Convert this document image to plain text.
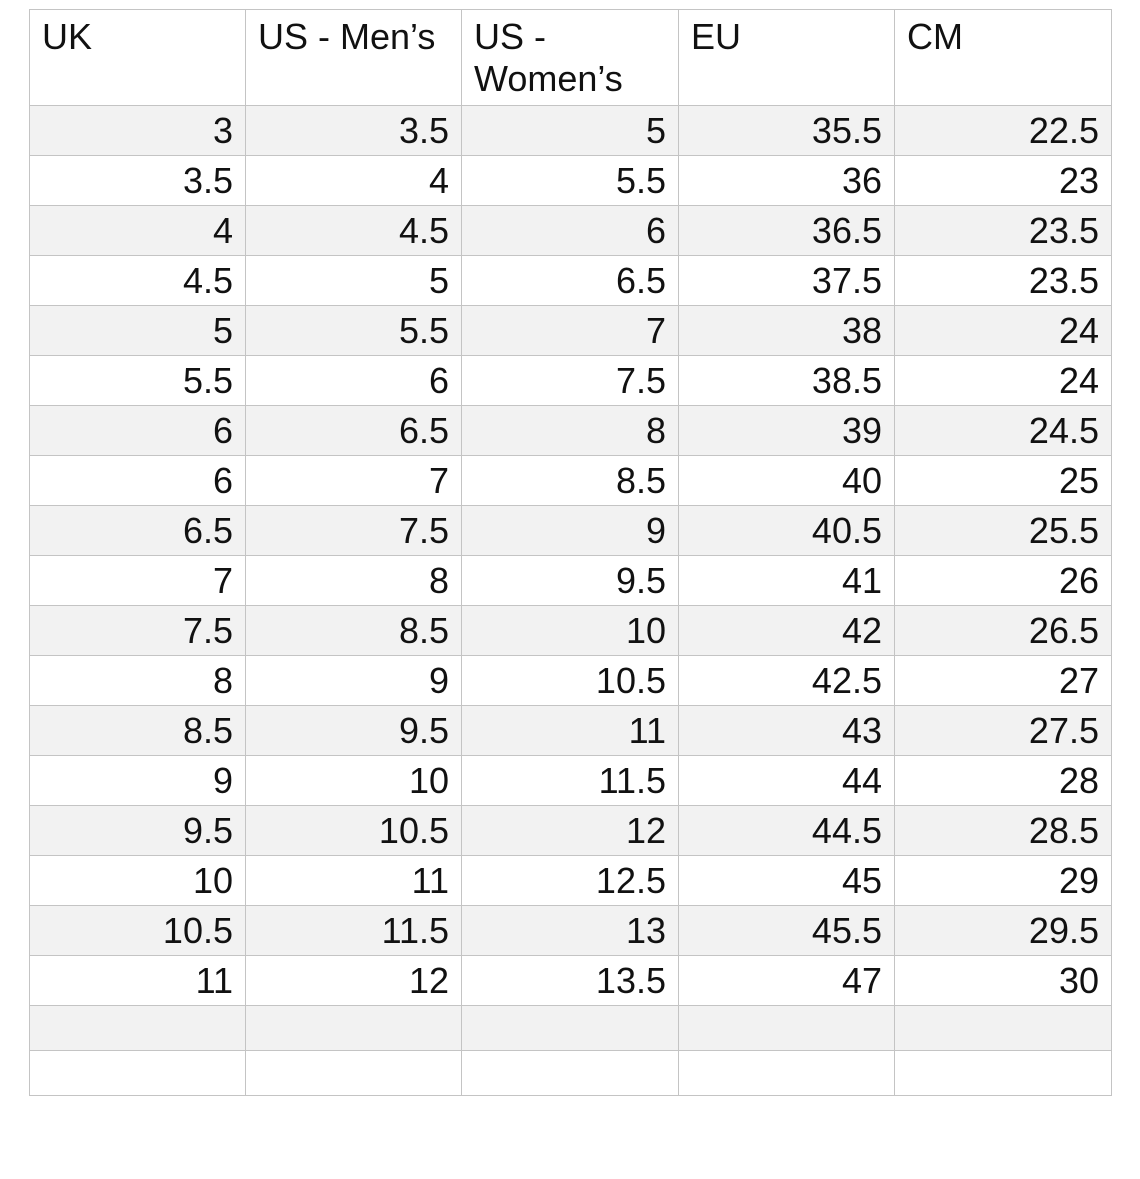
UK	US - Men’s	US - Women’s	EU	CM
3	3.5	5	35.5	22.5
3.5	4	5.5	36	23
4	4.5	6	36.5	23.5
4.5	5	6.5	37.5	23.5
5	5.5	7	38	24
5.5	6	7.5	38.5	24
6	6.5	8	39	24.5
6	7	8.5	40	25
6.5	7.5	9	40.5	25.5
7	8	9.5	41	26
7.5	8.5	10	42	26.5
8	9	10.5	42.5	27
8.5	9.5	11	43	27.5
9	10	11.5	44	28
9.5	10.5	12	44.5	28.5
10	11	12.5	45	29
10.5	11.5	13	45.5	29.5
11	12	13.5	47	30
